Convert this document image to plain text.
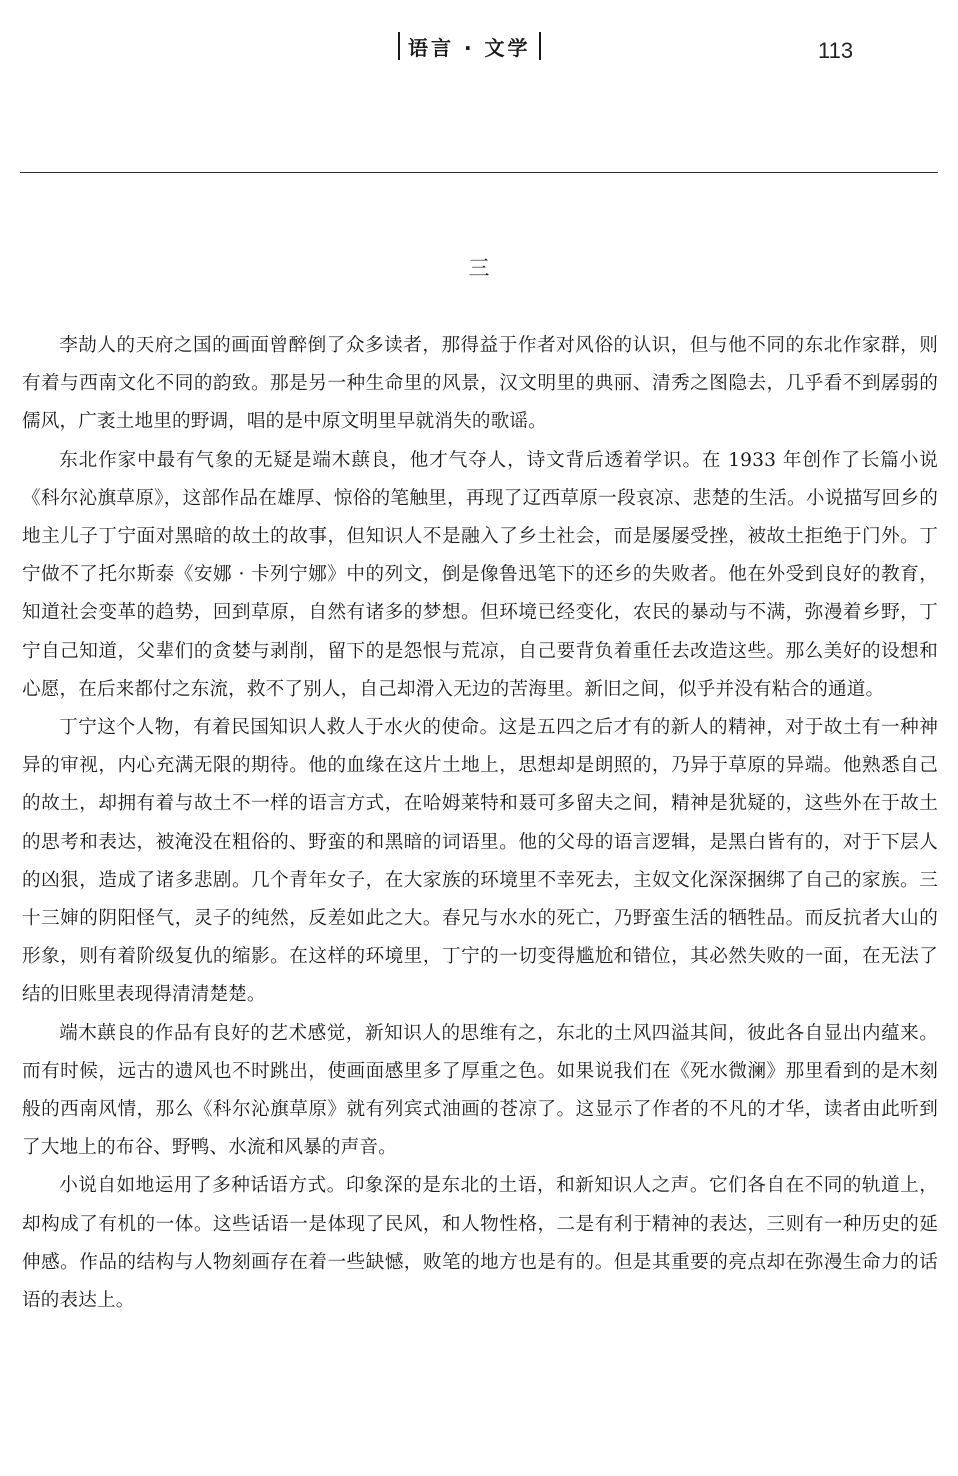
语言 · 文学	113
三

李劼人的天府之国的画面曾醉倒了众多读者，那得益于作者对风俗的认识，但与他不同的东北作家群，则有着与西南文化不同的韵致。那是另一种生命里的风景，汉文明里的典丽、清秀之图隐去，几乎看不到孱弱的儒风，广袤土地里的野调，唱的是中原文明里早就消失的歌谣。

东北作家中最有气象的无疑是端木蕻良，他才气夺人，诗文背后透着学识。在 1933 年创作了长篇小说《科尔沁旗草原》，这部作品在雄厚、惊俗的笔触里，再现了辽西草原一段哀凉、悲楚的生活。小说描写回乡的地主儿子丁宁面对黑暗的故土的故事，但知识人不是融入了乡土社会，而是屡屡受挫，被故土拒绝于门外。丁宁做不了托尔斯泰《安娜 · 卡列宁娜》中的列文，倒是像鲁迅笔下的还乡的失败者。他在外受到良好的教育，知道社会变革的趋势，回到草原，自然有诸多的梦想。但环境已经变化，农民的暴动与不满，弥漫着乡野，丁宁自己知道，父辈们的贪婪与剥削，留下的是怨恨与荒凉，自己要背负着重任去改造这些。那么美好的设想和心愿，在后来都付之东流，救不了别人，自己却滑入无边的苦海里。新旧之间，似乎并没有粘合的通道。

丁宁这个人物，有着民国知识人救人于水火的使命。这是五四之后才有的新人的精神，对于故土有一种神异的审视，内心充满无限的期待。他的血缘在这片土地上，思想却是朗照的，乃异于草原的异端。他熟悉自己的故土，却拥有着与故土不一样的语言方式，在哈姆莱特和聂可多留夫之间，精神是犹疑的，这些外在于故土的思考和表达，被淹没在粗俗的、野蛮的和黑暗的词语里。他的父母的语言逻辑，是黑白皆有的，对于下层人的凶狠，造成了诸多悲剧。几个青年女子，在大家族的环境里不幸死去，主奴文化深深捆绑了自己的家族。三十三婶的阴阳怪气，灵子的纯然，反差如此之大。春兄与水水的死亡，乃野蛮生活的牺牲品。而反抗者大山的形象，则有着阶级复仇的缩影。在这样的环境里，丁宁的一切变得尴尬和错位，其必然失败的一面，在无法了结的旧账里表现得清清楚楚。

端木蕻良的作品有良好的艺术感觉，新知识人的思维有之，东北的土风四溢其间，彼此各自显出内蕴来。而有时候，远古的遗风也不时跳出，使画面感里多了厚重之色。如果说我们在《死水微澜》那里看到的是木刻般的西南风情，那么《科尔沁旗草原》就有列宾式油画的苍凉了。这显示了作者的不凡的才华，读者由此听到了大地上的布谷、野鸭、水流和风暴的声音。

小说自如地运用了多种话语方式。印象深的是东北的土语，和新知识人之声。它们各自在不同的轨道上，却构成了有机的一体。这些话语一是体现了民风，和人物性格，二是有利于精神的表达，三则有一种历史的延伸感。作品的结构与人物刻画存在着一些缺憾，败笔的地方也是有的。但是其重要的亮点却在弥漫生命力的话语的表达上。
